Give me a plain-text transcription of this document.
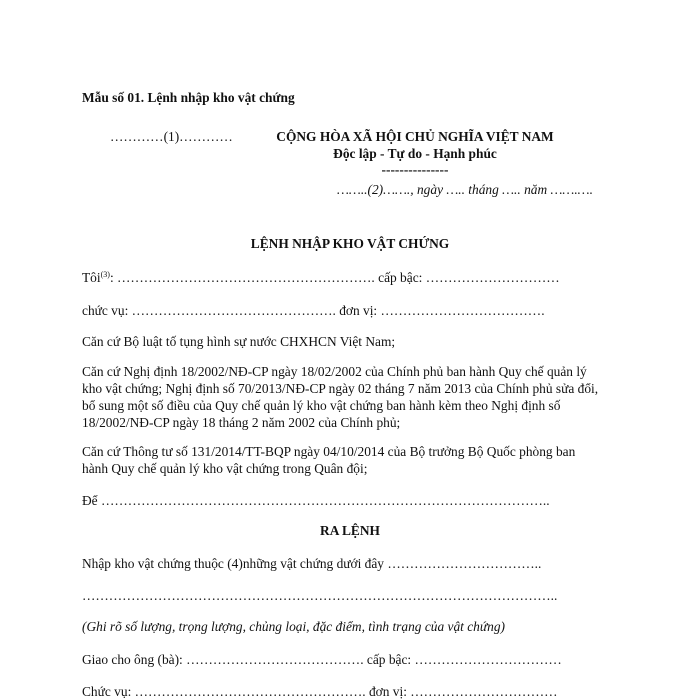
Mẫu số 01. Lệnh nhập kho vật chứng
…………(1)…………	CỘNG HÒA XÃ HỘI CHỦ NGHĨA VIỆT NAM
Độc lập - Tự do - Hạnh phúc
---------------
……..(2)……., ngày ….. tháng ….. năm …….….
LỆNH NHẬP KHO VẬT CHỨNG
Tôi$^{(3)}$: …………………………………………………. cấp bậc: …………………………
chức vụ: ………………………………………. đơn vị: ……………………………….
Căn cứ Bộ luật tố tụng hình sự nước CHXHCN Việt Nam;
Căn cứ Nghị định 18/2002/NĐ-CP ngày 18/02/2002 của Chính phủ ban hành Quy chế quản lý
kho vật chứng; Nghị định số 70/2013/NĐ-CP ngày 02 tháng 7 năm 2013 của Chính phủ sửa đổi,
bổ sung một số điều của Quy chế quản lý kho vật chứng ban hành kèm theo Nghị định số
18/2002/NĐ-CP ngày 18 tháng 2 năm 2002 của Chính phủ;
Căn cứ Thông tư số 131/2014/TT-BQP ngày 04/10/2014 của Bộ trưởng Bộ Quốc phòng ban
hành Quy chế quản lý kho vật chứng trong Quân đội;
Để ………………………………………………………………………………………..
RA LỆNH
Nhập kho vật chứng thuộc (4)những vật chứng dưới đây ……………………………..
……………………………………………………………………………………………..
(Ghi rõ số lượng, trọng lượng, chủng loại, đặc điểm, tình trạng của vật chứng)
Giao cho ông (bà): …………………………………. cấp bậc: ……………………………
Chức vụ: ……………………………………………. đơn vị: ……………………………
